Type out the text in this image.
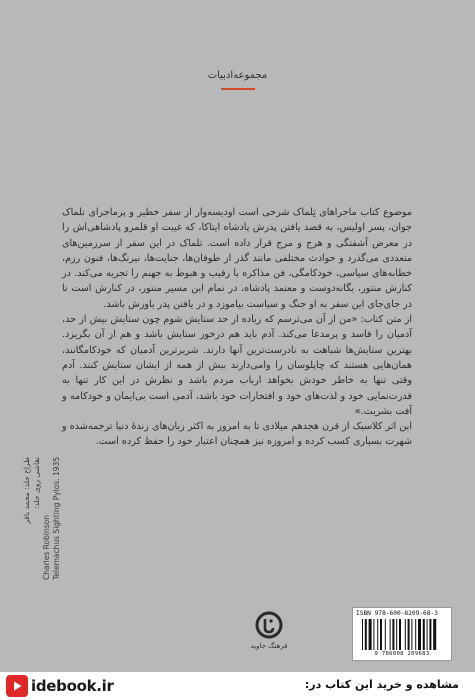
مجموعه‌ادبیات

موضوع کتاب ماجراهای تِلماک شرحی است اودیسه‌وار از سفر خطیر و پرماجرای تلماک جوان، پسر اولیس، به قصد یافتن پدرش پادشاه ایتاکا، که غیبت او قلمرو پادشاهی‌اش را در معرض آشفتگی و هرج و مرج قرار داده است. تلماک در این سفر از سرزمین‌های متعددی می‌گذرد و حوادث مختلفی مانند گذر از طوفان‌ها، جنایت‌ها، نیرنگ‌ها، فنون رزم، خطابه‌های سیاسی، خودکامگی، فن مذاکره با رقیب و هبوط به جهنم را تجربه می‌کند. در کنارش منتور، یگانه‌دوست و معتمد پادشاه، در تمام این مسیر منتور، در کنارش است تا در جای‌جای این سفر به او جنگ و سیاست بیاموزد و در یافتن پدر یاورش باشد.

از متن کتاب: «من از آن می‌ترسم که زیاده از حد ستایش شوم چون ستایش بیش از حد، آدمیان را فاسد و پرمدعا می‌کند. آدم باید هم درخور ستایش باشد و هم از آن بگریزد. بهترین ستایش‌ها شباهت به نادرست‌ترین آنها دارند. شریرترین آدمیان که خودکامگانند، همان‌هایی هستند که چاپلوسان را وامی‌دارند بیش از همه از ایشان ستایش کنند. آدم وقتی تنها به خاطر خودش بخواهد ارباب مردم باشد و نظرش در این کار تنها به قدرت‌نمایی خود و لذت‌های خود و افتخارات خود باشد، آدمی است بی‌ایمان و خودکامه و آفت بشریت.»

این اثر کلاسیک از قرن هجدهم میلادی تا به امروز به اکثر زبان‌های زندهٔ دنیا ترجمه‌شده و شهرت بسیاری کسب کرده و امروزه نیز همچنان اعتبار خود را حفظ کرده است.

طراح جلد: محمد باقر نقاشی روی جلد:
Charles Robinson Telemachus Sighting Pylos. 1935
فرهنگ جاوید
ISBN 978-600-8209-68-3
9 786008 209683
idebook.ir	مشاهده و خرید این کتاب در:
